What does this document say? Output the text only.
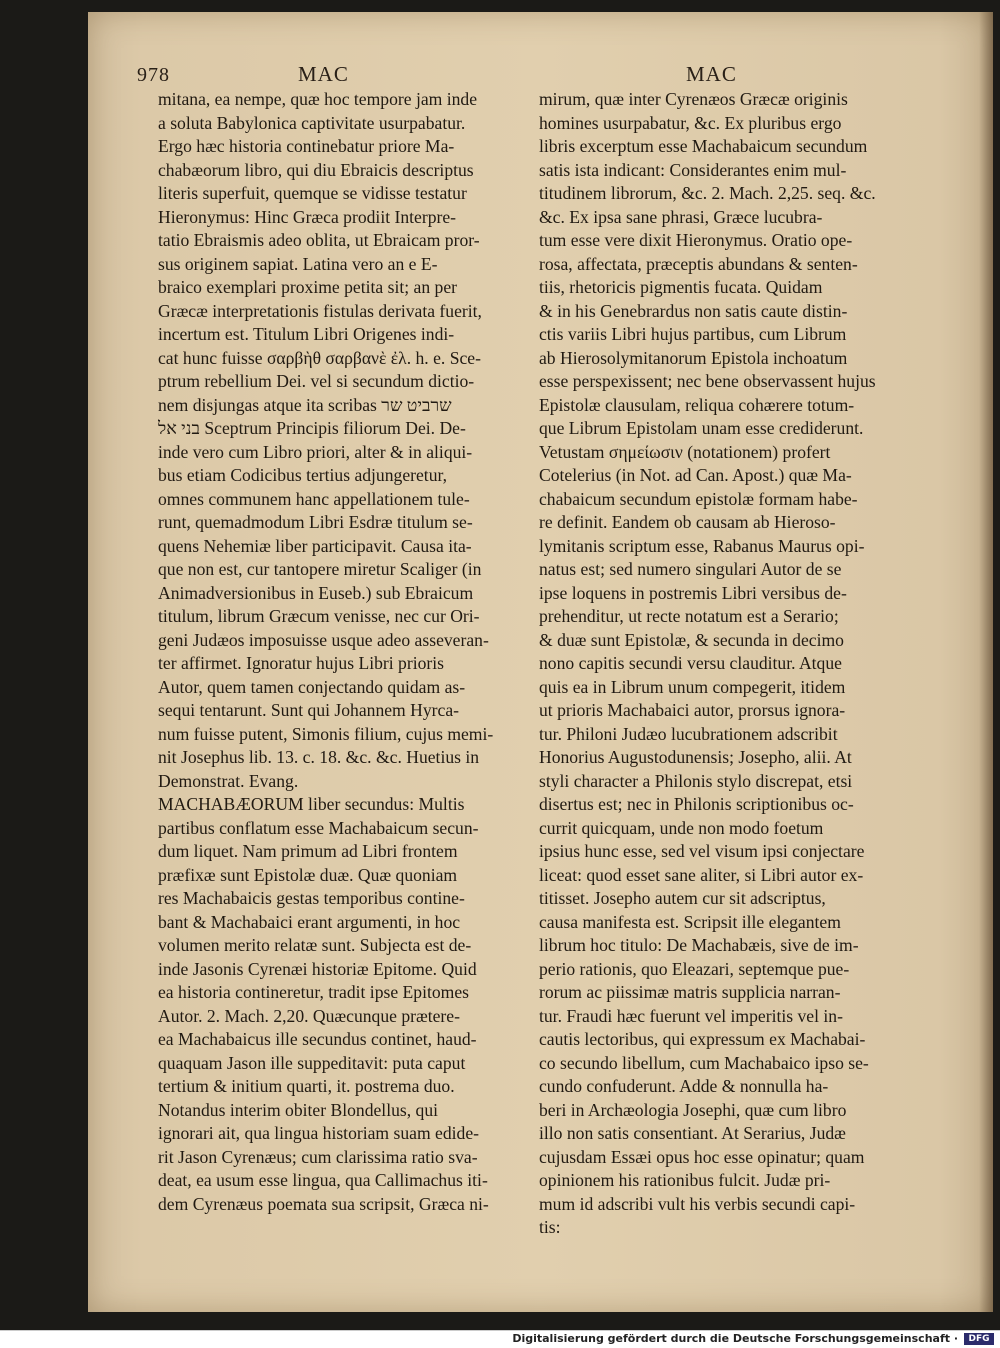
978	MAC	MAC
mitana, ea nempe, quæ hoc tempore jam inde
a soluta Babylonica captivitate usurpabatur.
Ergo hæc historia continebatur priore Ma-
chabæorum libro, qui diu Ebraicis descriptus
literis superfuit, quemque se vidisse testatur
Hieronymus: Hinc Græca prodiit Interpre-
tatio Ebraismis adeo oblita, ut Ebraicam pror-
sus originem sapiat. Latina vero an e E-
braico exemplari proxime petita sit; an per
Græcæ interpretationis fistulas derivata fuerit,
incertum est. Titulum Libri Origenes indi-
cat hunc fuisse σαρβὴθ σαρβανὲ ἐλ. h. e. Sce-
ptrum rebellium Dei. vel si secundum dictio-
nem disjungas atque ita scribas שרביט שר
בני אל Sceptrum Principis filiorum Dei. De-
inde vero cum Libro priori, alter & in aliqui-
bus etiam Codicibus tertius adjungeretur,
omnes communem hanc appellationem tule-
runt, quemadmodum Libri Esdræ titulum se-
quens Nehemiæ liber participavit. Causa ita-
que non est, cur tantopere miretur Scaliger (in
Animadversionibus in Euseb.) sub Ebraicum
titulum, librum Græcum venisse, nec cur Ori-
geni Judæos imposuisse usque adeo asseveran-
ter affirmet. Ignoratur hujus Libri prioris
Autor, quem tamen conjectando quidam as-
sequi tentarunt. Sunt qui Johannem Hyrca-
num fuisse putent, Simonis filium, cujus memi-
nit Josephus lib. 13. c. 18. &c. &c. Huetius in
Demonstrat. Evang.
MACHABÆORUM liber secundus: Multis
partibus conflatum esse Machabaicum secun-
dum liquet. Nam primum ad Libri frontem
præfixæ sunt Epistolæ duæ. Quæ quoniam
res Machabaicis gestas temporibus contine-
bant & Machabaici erant argumenti, in hoc
volumen merito relatæ sunt. Subjecta est de-
inde Jasonis Cyrenæi historiæ Epitome. Quid
ea historia contineretur, tradit ipse Epitomes
Autor. 2. Mach. 2,20. Quæcunque prætere-
ea Machabaicus ille secundus continet, haud-
quaquam Jason ille suppeditavit: puta caput
tertium & initium quarti, it. postrema duo.
Notandus interim obiter Blondellus, qui
ignorari ait, qua lingua historiam suam edide-
rit Jason Cyrenæus; cum clarissima ratio sva-
deat, ea usum esse lingua, qua Callimachus iti-
dem Cyrenæus poemata sua scripsit, Græca ni-
mirum, quæ inter Cyrenæos Græcæ originis
homines usurpabatur, &c. Ex pluribus ergo
libris excerptum esse Machabaicum secundum
satis ista indicant: Considerantes enim mul-
titudinem librorum, &c. 2. Mach. 2,25. seq. &c.
&c. Ex ipsa sane phrasi, Græce lucubra-
tum esse vere dixit Hieronymus. Oratio ope-
rosa, affectata, præceptis abundans & senten-
tiis, rhetoricis pigmentis fucata. Quidam
& in his Genebrardus non satis caute distin-
ctis variis Libri hujus partibus, cum Librum
ab Hierosolymitanorum Epistola inchoatum
esse perspexissent; nec bene observassent hujus
Epistolæ clausulam, reliqua cohærere totum-
que Librum Epistolam unam esse crediderunt.
Vetustam σημείωσιν (notationem) profert
Cotelerius (in Not. ad Can. Apost.) quæ Ma-
chabaicum secundum epistolæ formam habe-
re definit. Eandem ob causam ab Hieroso-
lymitanis scriptum esse, Rabanus Maurus opi-
natus est; sed numero singulari Autor de se
ipse loquens in postremis Libri versibus de-
prehenditur, ut recte notatum est a Serario;
& duæ sunt Epistolæ, & secunda in decimo
nono capitis secundi versu clauditur. Atque
quis ea in Librum unum compegerit, itidem
ut prioris Machabaici autor, prorsus ignora-
tur. Philoni Judæo lucubrationem adscribit
Honorius Augustodunensis; Josepho, alii. At
styli character a Philonis stylo discrepat, etsi
disertus est; nec in Philonis scriptionibus oc-
currit quicquam, unde non modo foetum
ipsius hunc esse, sed vel visum ipsi conjectare
liceat: quod esset sane aliter, si Libri autor ex-
titisset. Josepho autem cur sit adscriptus,
causa manifesta est. Scripsit ille elegantem
librum hoc titulo: De Machabæis, sive de im-
perio rationis, quo Eleazari, septemque pue-
rorum ac piissimæ matris supplicia narran-
tur. Fraudi hæc fuerunt vel imperitis vel in-
cautis lectoribus, qui expressum ex Machabai-
co secundo libellum, cum Machabaico ipso se-
cundo confuderunt. Adde & nonnulla ha-
beri in Archæologia Josephi, quæ cum libro
illo non satis consentiant. At Serarius, Judæ
cujusdam Essæi opus hoc esse opinatur; quam
opinionem his rationibus fulcit. Judæ pri-
mum id adscribi vult his verbis secundi capi-
tis:
Digitalisierung gefördert durch die Deutsche Forschungsgemeinschaft ·	DFG
